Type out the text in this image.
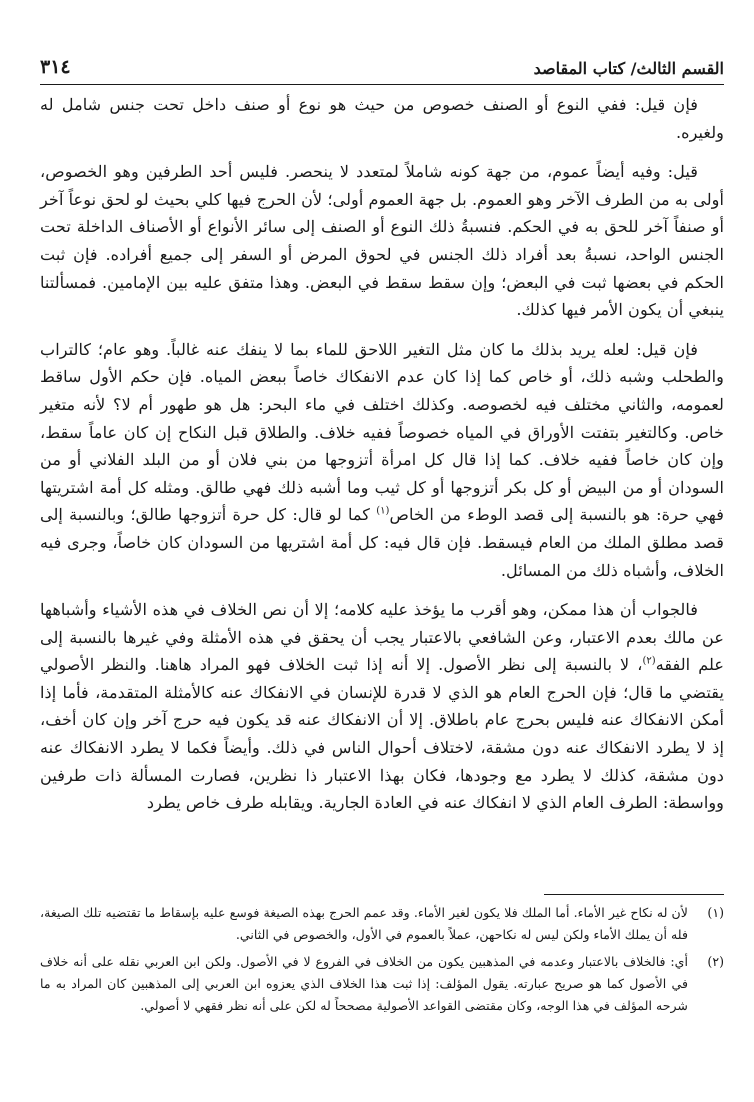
القسم الثالث/ كتاب المقاصد
٣١٤

فإن قيل: ففي النوع أو الصنف خصوص من حيث هو نوع أو صنف داخل تحت جنس شامل له ولغيره.

قيل: وفيه أيضاً عموم، من جهة كونه شاملاً لمتعدد لا ينحصر. فليس أحد الطرفين وهو الخصوص، أولى به من الطرف الآخر وهو العموم. بل جهة العموم أولى؛ لأن الحرج فيها كلي بحيث لو لحق نوعاً آخر أو صنفاً آخر للحق به في الحكم. فنسبةُ ذلك النوع أو الصنف إلى سائر الأنواع أو الأصناف الداخلة تحت الجنس الواحد، نسبةُ بعد أفراد ذلك الجنس في لحوق المرض أو السفر إلى جميع أفراده. فإن ثبت الحكم في بعضها ثبت في البعض؛ وإن سقط سقط في البعض. وهذا متفق عليه بين الإمامين. فمسألتنا ينبغي أن يكون الأمر فيها كذلك.

فإن قيل: لعله يريد بذلك ما كان مثل التغير اللاحق للماء بما لا ينفك عنه غالباً. وهو عام؛ كالتراب والطحلب وشبه ذلك، أو خاص كما إذا كان عدم الانفكاك خاصاً ببعض المياه. فإن حكم الأول ساقط لعمومه، والثاني مختلف فيه لخصوصه. وكذلك اختلف في ماء البحر: هل هو طهور أم لا؟ لأنه متغير خاص. وكالتغير بتفتت الأوراق في المياه خصوصاً ففيه خلاف. والطلاق قبل النكاح إن كان عاماً سقط، وإن كان خاصاً ففيه خلاف. كما إذا قال كل امرأة أتزوجها من بني فلان أو من البلد الفلاني أو من السودان أو من البيض أو كل بكر أتزوجها أو كل ثيب وما أشبه ذلك فهي طالق. ومثله كل أمة اشتريتها فهي حرة: هو بالنسبة إلى قصد الوطء من الخاص$^{(١)}$ كما لو قال: كل حرة أتزوجها طالق؛ وبالنسبة إلى قصد مطلق الملك من العام فيسقط. فإن قال فيه: كل أمة اشتريها من السودان كان خاصاً، وجرى فيه الخلاف، وأشباه ذلك من المسائل.

فالجواب أن هذا ممكن، وهو أقرب ما يؤخذ عليه كلامه؛ إلا أن نص الخلاف في هذه الأشياء وأشباهها عن مالك بعدم الاعتبار، وعن الشافعي بالاعتبار يجب أن يحقق في هذه الأمثلة وفي غيرها بالنسبة إلى علم الفقه$^{(٢)}$، لا بالنسبة إلى نظر الأصول. إلا أنه إذا ثبت الخلاف فهو المراد هاهنا. والنظر الأصولي يقتضي ما قال؛ فإن الحرج العام هو الذي لا قدرة للإنسان في الانفكاك عنه كالأمثلة المتقدمة، فأما إذا أمكن الانفكاك عنه فليس بحرج عام باطلاق. إلا أن الانفكاك عنه قد يكون فيه حرج آخر وإن كان أخف، إذ لا يطرد الانفكاك عنه دون مشقة، لاختلاف أحوال الناس في ذلك. وأيضاً فكما لا يطرد الانفكاك عنه دون مشقة، كذلك لا يطرد مع وجودها، فكان بهذا الاعتبار ذا نظرين، فصارت المسألة ذات طرفين وواسطة: الطرف العام الذي لا انفكاك عنه في العادة الجارية. ويقابله طرف خاص يطرد

(١)
لأن له نكاح غير الأماء. أما الملك فلا يكون لغير الأماء. وقد عمم الحرج بهذه الصيغة فوسع عليه بإسقاط ما تقتضيه تلك الصيغة، فله أن يملك الأماء ولكن ليس له نكاحهن، عملاً بالعموم في الأول، والخصوص في الثاني.
(٢)
أي: فالخلاف بالاعتبار وعدمه في المذهبين يكون من الخلاف في الفروع لا في الأصول. ولكن ابن العربي نقله على أنه خلاف في الأصول كما هو صريح عبارته. يقول المؤلف: إذا ثبت هذا الخلاف الذي يعزوه ابن العربي إلى المذهبين كان المراد به ما شرحه المؤلف في هذا الوجه، وكان مقتضى القواعد الأصولية مصححاً له لكن على أنه نظر فقهي لا أصولي.
